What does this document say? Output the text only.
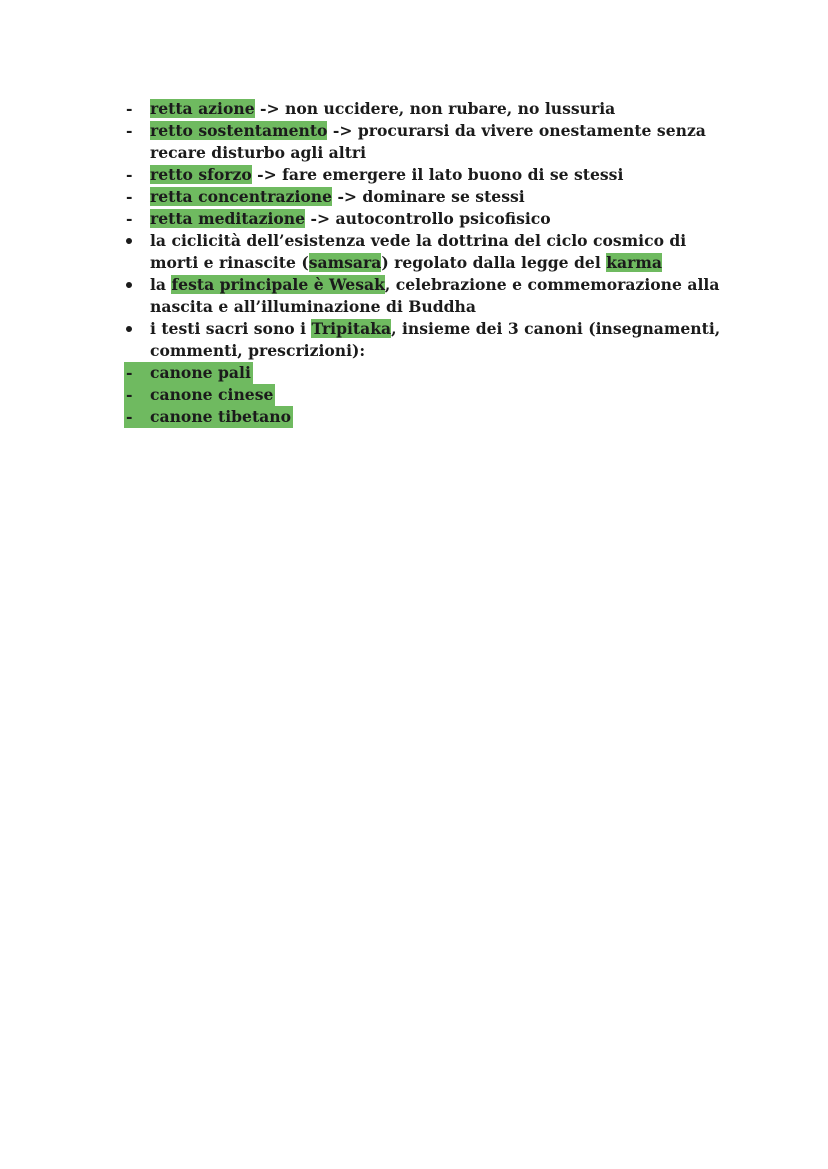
retta azione -> non uccidere, non rubare, no lussuria
retto sostentamento -> procurarsi da vivere onestamente senza recare disturbo agli altri
retto sforzo -> fare emergere il lato buono di se stessi
retta concentrazione -> dominare se stessi
retta meditazione -> autocontrollo psicofisico
la ciclicità dell’esistenza vede la dottrina del ciclo cosmico di morti e rinascite (samsara) regolato dalla legge del karma
la festa principale è Wesak, celebrazione e commemorazione alla nascita e all’illuminazione di Buddha
i testi sacri sono i Tripitaka, insieme dei 3 canoni (insegnamenti, commenti, prescrizioni):
canone pali
canone cinese
canone tibetano
